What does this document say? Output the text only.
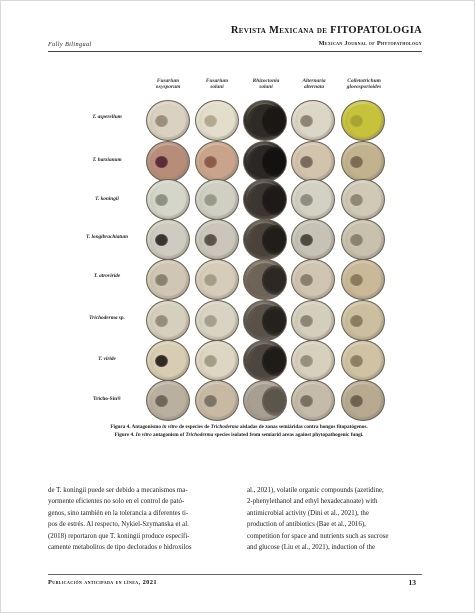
Fully Bilingual
Revista Mexicana de FITOPATOLOGIA
Mexican Journal of Phytopathology
Fusarium
oxysporum
Fusarium
solani
Rhizoctonia
solani
Alternaria
alternata
Colletotrichum
gloeosporioides
T. asperellum
T. harzianum
T. koningii
T. longibrachiatum
T. atroviride
Trichoderma sp.
T. viride
Tricho-Sin®
Figura 4. Antagonismo in vitro de especies de Trichoderma aisladas de zonas semiáridas contra hongos fitopatógenos.
Figure 4. In vitro antagonism of Trichoderma species isolated from semiarid areas against phytopathogenic fungi.
de T. koningii puede ser debido a mecanismos ma-
yormente eficientes no solo en el control de pató-
genos, sino también en la tolerancia a diferentes ti-
pos de estrés. Al respecto, Nykiel-Szymanska et al.
(2018) reportaron que T. koningii produce específi-
camente metabolitos de tipo declorados e hidroxilos
al., 2021), volatile organic compounds (azetidine,
2-phenylethanol and ethyl hexadecanoate) with
antimicrobial activity (Dini et al., 2021), the
production of antibiotics (Bae et al., 2016),
competition for space and nutrients such as sucrose
and glucose (Liu et al., 2021), induction of the
Publicación anticipada en línea, 2021	13
